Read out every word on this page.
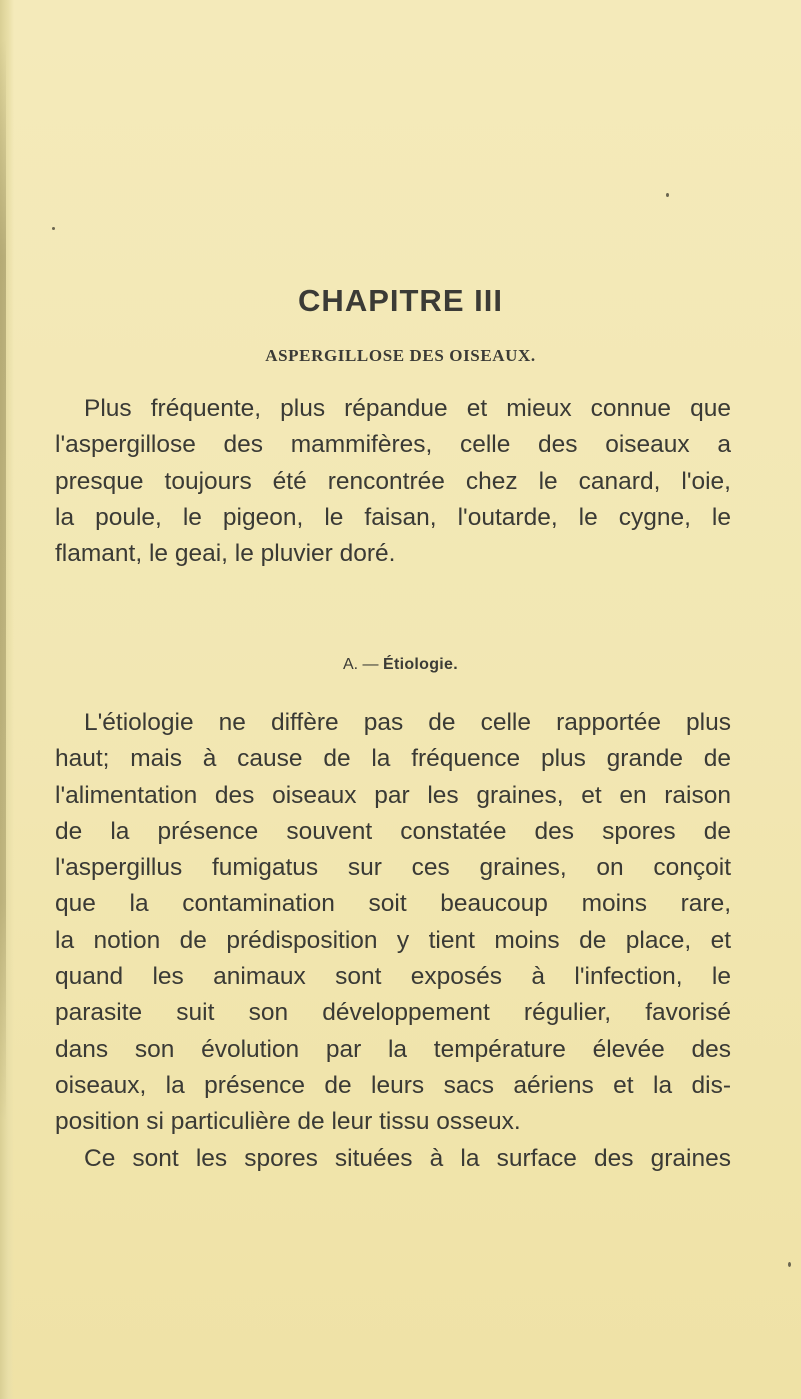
CHAPITRE III
ASPERGILLOSE DES OISEAUX.

Plus fréquente, plus répandue et mieux connue que
l'aspergillose des mammifères, celle des oiseaux a
presque toujours été rencontrée chez le canard, l'oie,
la poule, le pigeon, le faisan, l'outarde, le cygne, le
flamant, le geai, le pluvier doré.

A. — Étiologie.

L'étiologie ne diffère pas de celle rapportée plus
haut; mais à cause de la fréquence plus grande de
l'alimentation des oiseaux par les graines, et en raison
de la présence souvent constatée des spores de
l'aspergillus fumigatus sur ces graines, on conçoit
que la contamination soit beaucoup moins rare,
la notion de prédisposition y tient moins de place, et
quand les animaux sont exposés à l'infection, le
parasite suit son développement régulier, favorisé
dans son évolution par la température élevée des
oiseaux, la présence de leurs sacs aériens et la dis-
position si particulière de leur tissu osseux.
Ce sont les spores situées à la surface des graines
